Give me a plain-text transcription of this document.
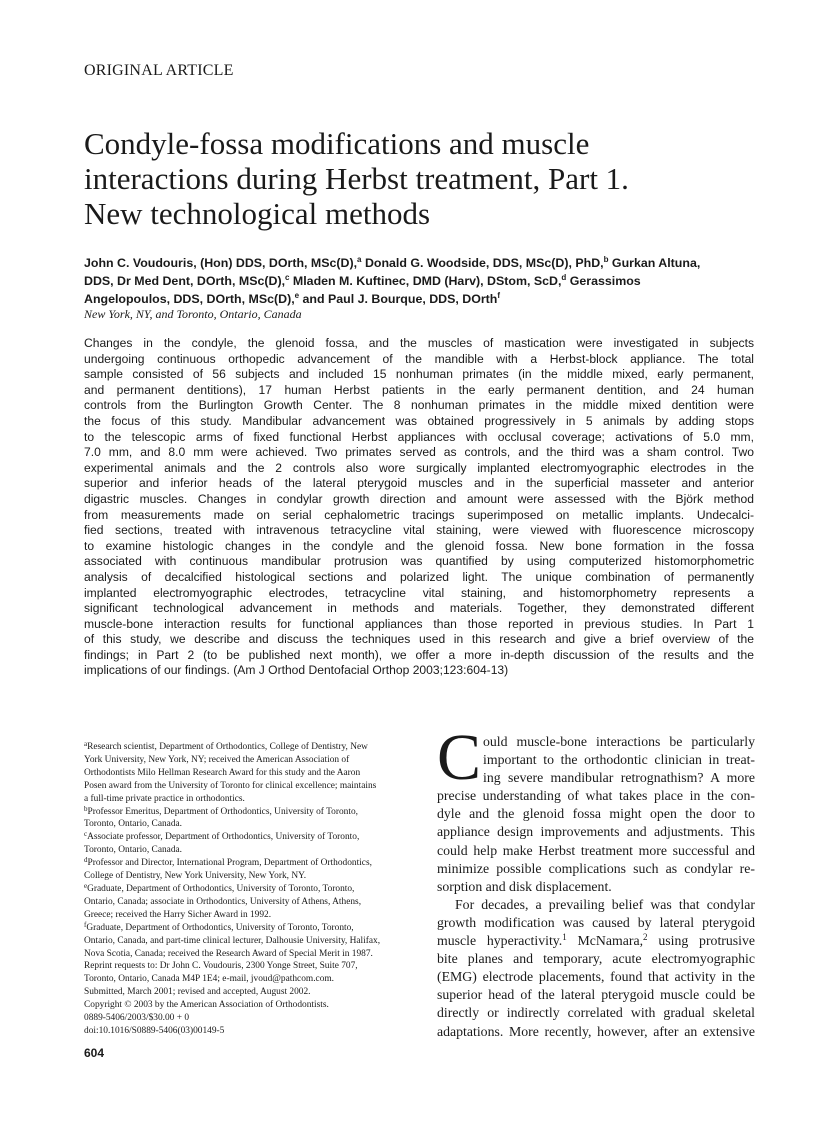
ORIGINAL ARTICLE
Condyle-fossa modifications and muscle
interactions during Herbst treatment, Part 1.
New technological methods
John C. Voudouris, (Hon) DDS, DOrth, MSc(D),$^a$ Donald G. Woodside, DDS, MSc(D), PhD,$^b$ Gurkan Altuna,
DDS, Dr Med Dent, DOrth, MSc(D),$^c$ Mladen M. Kuftinec, DMD (Harv), DStom, ScD,$^d$ Gerassimos
Angelopoulos, DDS, DOrth, MSc(D),$^e$ and Paul J. Bourque, DDS, DOrth$^f$
New York, NY, and Toronto, Ontario, Canada
Changes in the condyle, the glenoid fossa, and the muscles of mastication were investigated in subjects
undergoing continuous orthopedic advancement of the mandible with a Herbst-block appliance. The total
sample consisted of 56 subjects and included 15 nonhuman primates (in the middle mixed, early permanent,
and permanent dentitions), 17 human Herbst patients in the early permanent dentition, and 24 human
controls from the Burlington Growth Center. The 8 nonhuman primates in the middle mixed dentition were
the focus of this study. Mandibular advancement was obtained progressively in 5 animals by adding stops
to the telescopic arms of fixed functional Herbst appliances with occlusal coverage; activations of 5.0 mm,
7.0 mm, and 8.0 mm were achieved. Two primates served as controls, and the third was a sham control. Two
experimental animals and the 2 controls also wore surgically implanted electromyographic electrodes in the
superior and inferior heads of the lateral pterygoid muscles and in the superficial masseter and anterior
digastric muscles. Changes in condylar growth direction and amount were assessed with the Björk method
from measurements made on serial cephalometric tracings superimposed on metallic implants. Undecalci-
fied sections, treated with intravenous tetracycline vital staining, were viewed with fluorescence microscopy
to examine histologic changes in the condyle and the glenoid fossa. New bone formation in the fossa
associated with continuous mandibular protrusion was quantified by using computerized histomorphometric
analysis of decalcified histological sections and polarized light. The unique combination of permanently
implanted electromyographic electrodes, tetracycline vital staining, and histomorphometry represents a
significant technological advancement in methods and materials. Together, they demonstrated different
muscle-bone interaction results for functional appliances than those reported in previous studies. In Part 1
of this study, we describe and discuss the techniques used in this research and give a brief overview of the
findings; in Part 2 (to be published next month), we offer a more in-depth discussion of the results and the
implications of our findings. (Am J Orthod Dentofacial Orthop 2003;123:604-13)
$^a$Research scientist, Department of Orthodontics, College of Dentistry, New
York University, New York, NY; received the American Association of
Orthodontists Milo Hellman Research Award for this study and the Aaron
Posen award from the University of Toronto for clinical excellence; maintains
a full-time private practice in orthodontics.
$^b$Professor Emeritus, Department of Orthodontics, University of Toronto,
Toronto, Ontario, Canada.
$^c$Associate professor, Department of Orthodontics, University of Toronto,
Toronto, Ontario, Canada.
$^d$Professor and Director, International Program, Department of Orthodontics,
College of Dentistry, New York University, New York, NY.
$^e$Graduate, Department of Orthodontics, University of Toronto, Toronto,
Ontario, Canada; associate in Orthodontics, University of Athens, Athens,
Greece; received the Harry Sicher Award in 1992.
$^f$Graduate, Department of Orthodontics, University of Toronto, Toronto,
Ontario, Canada, and part-time clinical lecturer, Dalhousie University, Halifax,
Nova Scotia, Canada; received the Research Award of Special Merit in 1987.
Reprint requests to: Dr John C. Voudouris, 2300 Yonge Street, Suite 707,
Toronto, Ontario, Canada M4P 1E4; e-mail, jvoud@pathcom.com.
Submitted, March 2001; revised and accepted, August 2002.
Copyright © 2003 by the American Association of Orthodontists.
0889-5406/2003/$30.00 + 0
doi:10.1016/S0889-5406(03)00149-5
604
C ould muscle-bone interactions be particularly
important to the orthodontic clinician in treat-
ing severe mandibular retrognathism? A more
precise understanding of what takes place in the con-
dyle and the glenoid fossa might open the door to
appliance design improvements and adjustments. This
could help make Herbst treatment more successful and
minimize possible complications such as condylar re-
sorption and disk displacement.
For decades, a prevailing belief was that condylar
growth modification was caused by lateral pterygoid
muscle hyperactivity.$^1$ McNamara,$^2$ using protrusive
bite planes and temporary, acute electromyographic
(EMG) electrode placements, found that activity in the
superior head of the lateral pterygoid muscle could be
directly or indirectly correlated with gradual skeletal
adaptations. More recently, however, after an extensive
